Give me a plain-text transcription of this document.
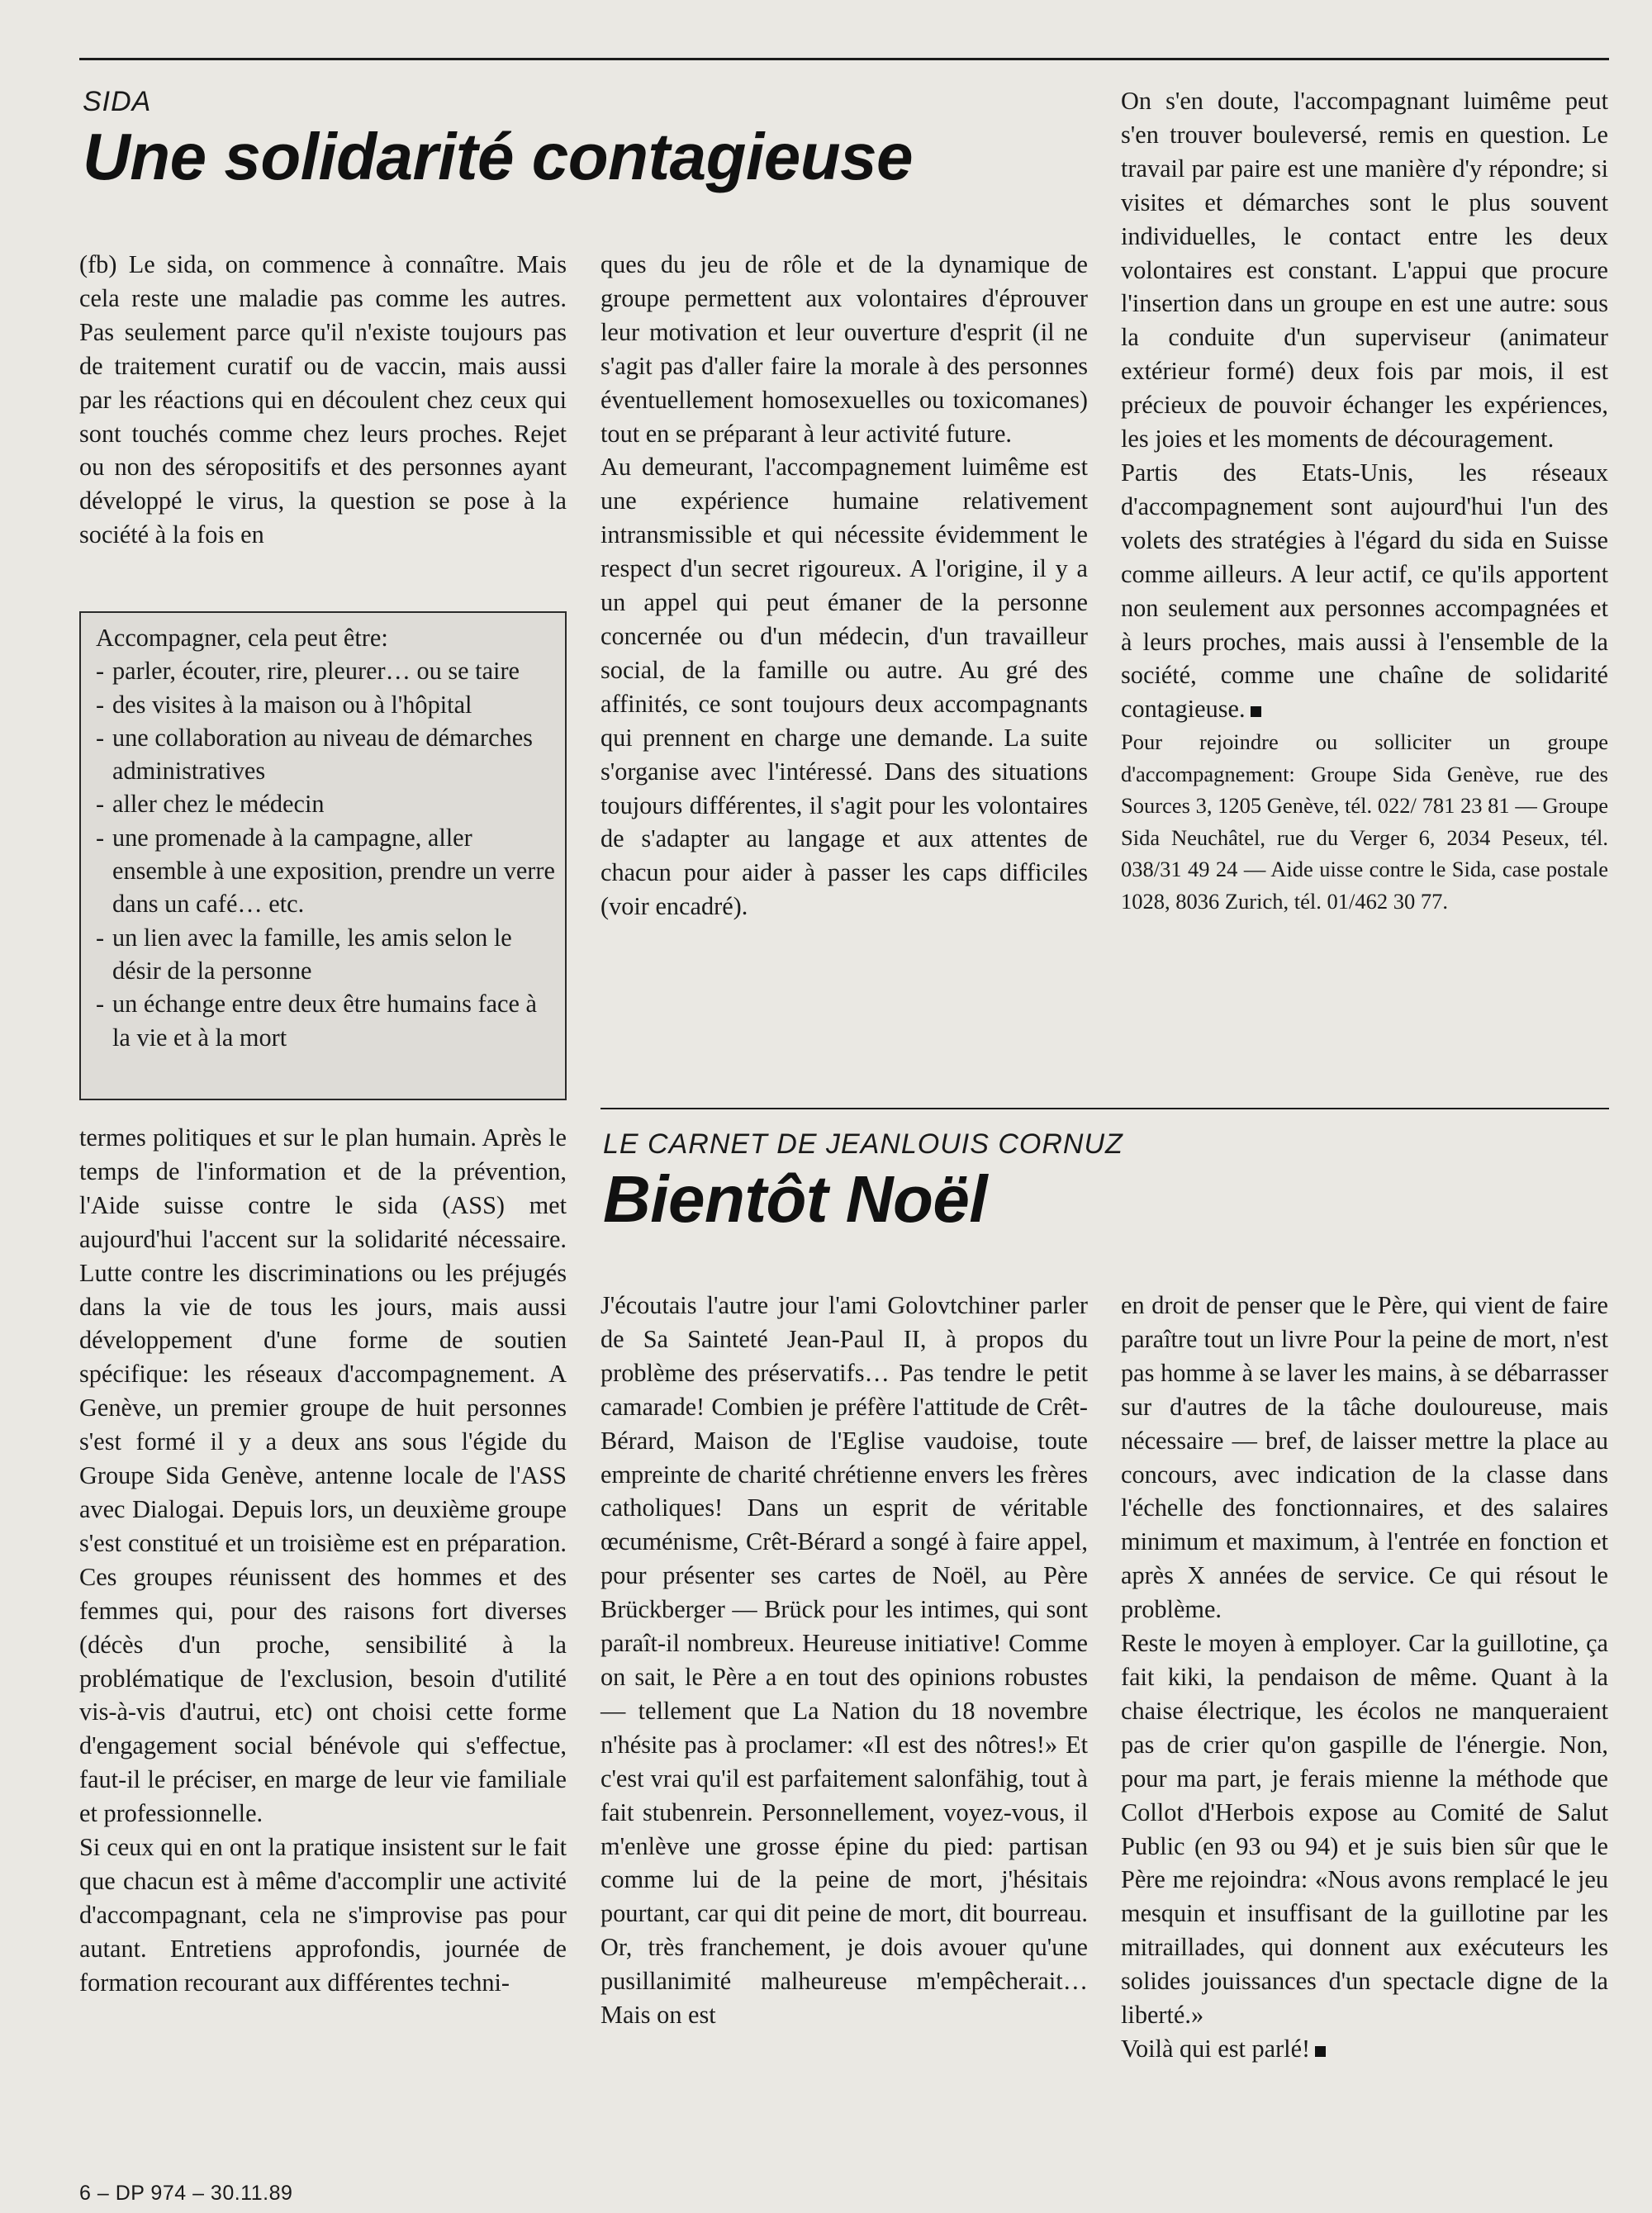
SIDA
Une solidarité contagieuse

(fb) Le sida, on commence à connaître. Mais cela reste une maladie pas comme les autres. Pas seulement parce qu'il n'existe toujours pas de traitement curatif ou de vaccin, mais aussi par les réactions qui en découlent chez ceux qui sont touchés comme chez leurs proches. Rejet ou non des séropositifs et des personnes ayant développé le virus, la question se pose à la société à la fois en

Accompagner, cela peut être:
- parler, écouter, rire, pleurer… ou se taire
- des visites à la maison ou à l'hôpital
- une collaboration au niveau de démarches administratives
- aller chez le médecin
- une promenade à la campagne, aller ensemble à une exposition, prendre un verre dans un café… etc.
- un lien avec la famille, les amis selon le désir de la personne
- un échange entre deux être humains face à la vie et à la mort

termes politiques et sur le plan humain. Après le temps de l'information et de la prévention, l'Aide suisse contre le sida (ASS) met aujourd'hui l'accent sur la solidarité nécessaire. Lutte contre les discriminations ou les préjugés dans la vie de tous les jours, mais aussi développement d'une forme de soutien spécifique: les réseaux d'accompagnement. A Genève, un premier groupe de huit personnes s'est formé il y a deux ans sous l'égide du Groupe Sida Genève, antenne locale de l'ASS avec Dialogai. Depuis lors, un deuxième groupe s'est constitué et un troisième est en préparation. Ces groupes réunissent des hommes et des femmes qui, pour des raisons fort diverses (décès d'un proche, sensibilité à la problématique de l'exclusion, besoin d'utilité vis-à-vis d'autrui, etc) ont choisi cette forme d'engagement social bénévole qui s'effectue, faut-il le préciser, en marge de leur vie familiale et professionnelle.

Si ceux qui en ont la pratique insistent sur le fait que chacun est à même d'accomplir une activité d'accompagnant, cela ne s'improvise pas pour autant. Entretiens approfondis, journée de formation recourant aux différentes techni-

ques du jeu de rôle et de la dynamique de groupe permettent aux volontaires d'éprouver leur motivation et leur ouverture d'esprit (il ne s'agit pas d'aller faire la morale à des personnes éventuellement homosexuelles ou toxicomanes) tout en se préparant à leur activité future.

Au demeurant, l'accompagnement luimême est une expérience humaine relativement intransmissible et qui nécessite évidemment le respect d'un secret rigoureux. A l'origine, il y a un appel qui peut émaner de la personne concernée ou d'un médecin, d'un travailleur social, de la famille ou autre. Au gré des affinités, ce sont toujours deux accompagnants qui prennent en charge une demande. La suite s'organise avec l'intéressé. Dans des situations toujours différentes, il s'agit pour les volontaires de s'adapter au langage et aux attentes de chacun pour aider à passer les caps difficiles (voir encadré).

On s'en doute, l'accompagnant luimême peut s'en trouver bouleversé, remis en question. Le travail par paire est une manière d'y répondre; si visites et démarches sont le plus souvent individuelles, le contact entre les deux volontaires est constant. L'appui que procure l'insertion dans un groupe en est une autre: sous la conduite d'un superviseur (animateur extérieur formé) deux fois par mois, il est précieux de pouvoir échanger les expériences, les joies et les moments de découragement.

Partis des Etats-Unis, les réseaux d'accompagnement sont aujourd'hui l'un des volets des stratégies à l'égard du sida en Suisse comme ailleurs. A leur actif, ce qu'ils apportent non seulement aux personnes accompagnées et à leurs proches, mais aussi à l'ensemble de la société, comme une chaîne de solidarité contagieuse.

Pour rejoindre ou solliciter un groupe d'accompagnement: Groupe Sida Genève, rue des Sources 3, 1205 Genève, tél. 022/ 781 23 81 — Groupe Sida Neuchâtel, rue du Verger 6, 2034 Peseux, tél. 038/31 49 24 — Aide uisse contre le Sida, case postale 1028, 8036 Zurich, tél. 01/462 30 77.

LE CARNET DE JEANLOUIS CORNUZ
Bientôt Noël

J'écoutais l'autre jour l'ami Golovtchiner parler de Sa Sainteté Jean-Paul II, à propos du problème des préservatifs… Pas tendre le petit camarade! Combien je préfère l'attitude de Crêt-Bérard, Maison de l'Eglise vaudoise, toute empreinte de charité chrétienne envers les frères catholiques! Dans un esprit de véritable œcuménisme, Crêt-Bérard a songé à faire appel, pour présenter ses cartes de Noël, au Père Brückberger — Brück pour les intimes, qui sont paraît-il nombreux. Heureuse initiative! Comme on sait, le Père a en tout des opinions robustes — tellement que La Nation du 18 novembre n'hésite pas à proclamer: «Il est des nôtres!» Et c'est vrai qu'il est parfaitement salonfähig, tout à fait stubenrein. Personnellement, voyez-vous, il m'enlève une grosse épine du pied: partisan comme lui de la peine de mort, j'hésitais pourtant, car qui dit peine de mort, dit bourreau. Or, très franchement, je dois avouer qu'une pusillanimité malheureuse m'empêcherait… Mais on est

en droit de penser que le Père, qui vient de faire paraître tout un livre Pour la peine de mort, n'est pas homme à se laver les mains, à se débarrasser sur d'autres de la tâche douloureuse, mais nécessaire — bref, de laisser mettre la place au concours, avec indication de la classe dans l'échelle des fonctionnaires, et des salaires minimum et maximum, à l'entrée en fonction et après X années de service. Ce qui résout le problème.

Reste le moyen à employer. Car la guillotine, ça fait kiki, la pendaison de même. Quant à la chaise électrique, les écolos ne manqueraient pas de crier qu'on gaspille de l'énergie. Non, pour ma part, je ferais mienne la méthode que Collot d'Herbois expose au Comité de Salut Public (en 93 ou 94) et je suis bien sûr que le Père me rejoindra: «Nous avons remplacé le jeu mesquin et insuffisant de la guillotine par les mitraillades, qui donnent aux exécuteurs les solides jouissances d'un spectacle digne de la liberté.»

Voilà qui est parlé!

6 – DP 974 – 30.11.89
